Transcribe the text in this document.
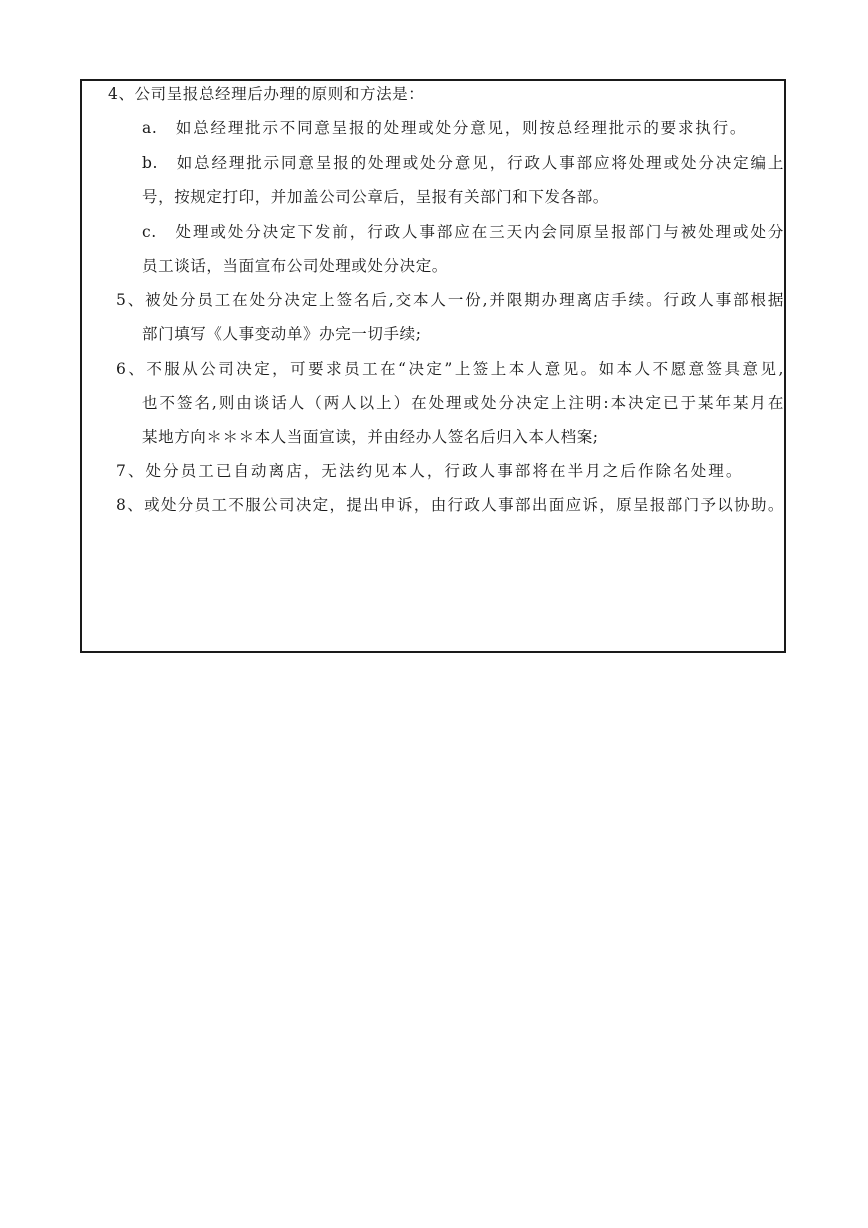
4、公司呈报总经理后办理的原则和方法是：
a.　如总经理批示不同意呈报的处理或处分意见，则按总经理批示的要求执行。
b.　如总经理批示同意呈报的处理或处分意见，行政人事部应将处理或处分决定编上
号，按规定打印，并加盖公司公章后，呈报有关部门和下发各部。
c.　处理或处分决定下发前，行政人事部应在三天内会同原呈报部门与被处理或处分
员工谈话，当面宣布公司处理或处分决定。
5、被处分员工在处分决定上签名后,交本人一份,并限期办理离店手续。行政人事部根据
部门填写《人事变动单》办完一切手续;
6、不服从公司决定，可要求员工在“决定”上签上本人意见。如本人不愿意签具意见,
也不签名,则由谈话人（两人以上）在处理或处分决定上注明:本决定已于某年某月在
某地方向＊＊＊本人当面宣读，并由经办人签名后归入本人档案;
7、处分员工已自动离店，无法约见本人，行政人事部将在半月之后作除名处理。
8、或处分员工不服公司决定，提出申诉，由行政人事部出面应诉，原呈报部门予以协助。
